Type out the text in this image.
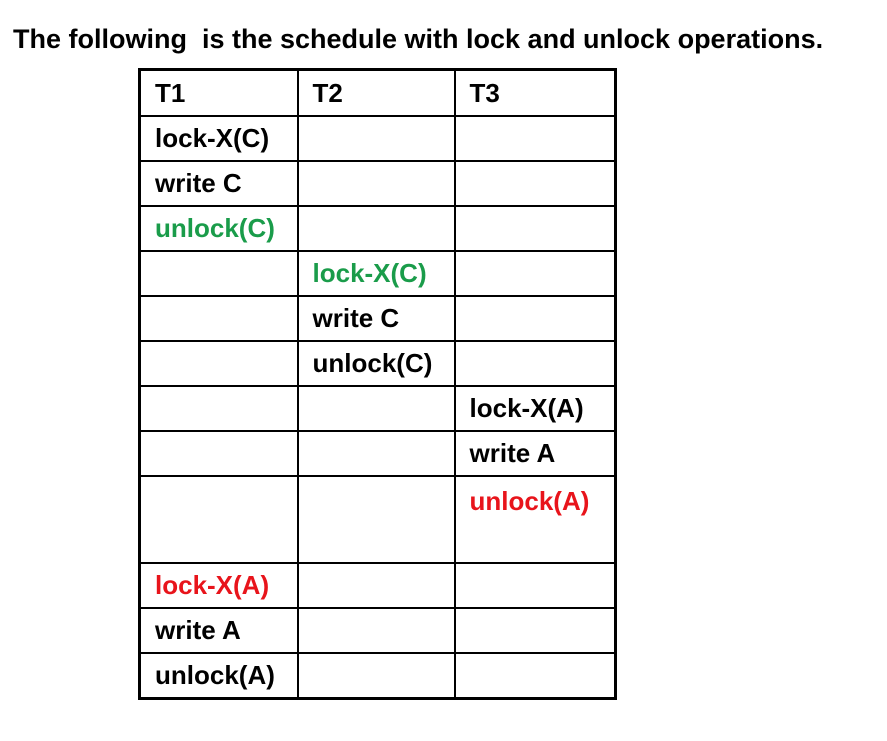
The following  is the schedule with lock and unlock operations.
T1	T2	T3
lock-X(C)		
write C		
unlock(C)		
	lock-X(C)	
	write C	
	unlock(C)	
		lock-X(A)
		write A
		unlock(A)
lock-X(A)		
write A		
unlock(A)		
